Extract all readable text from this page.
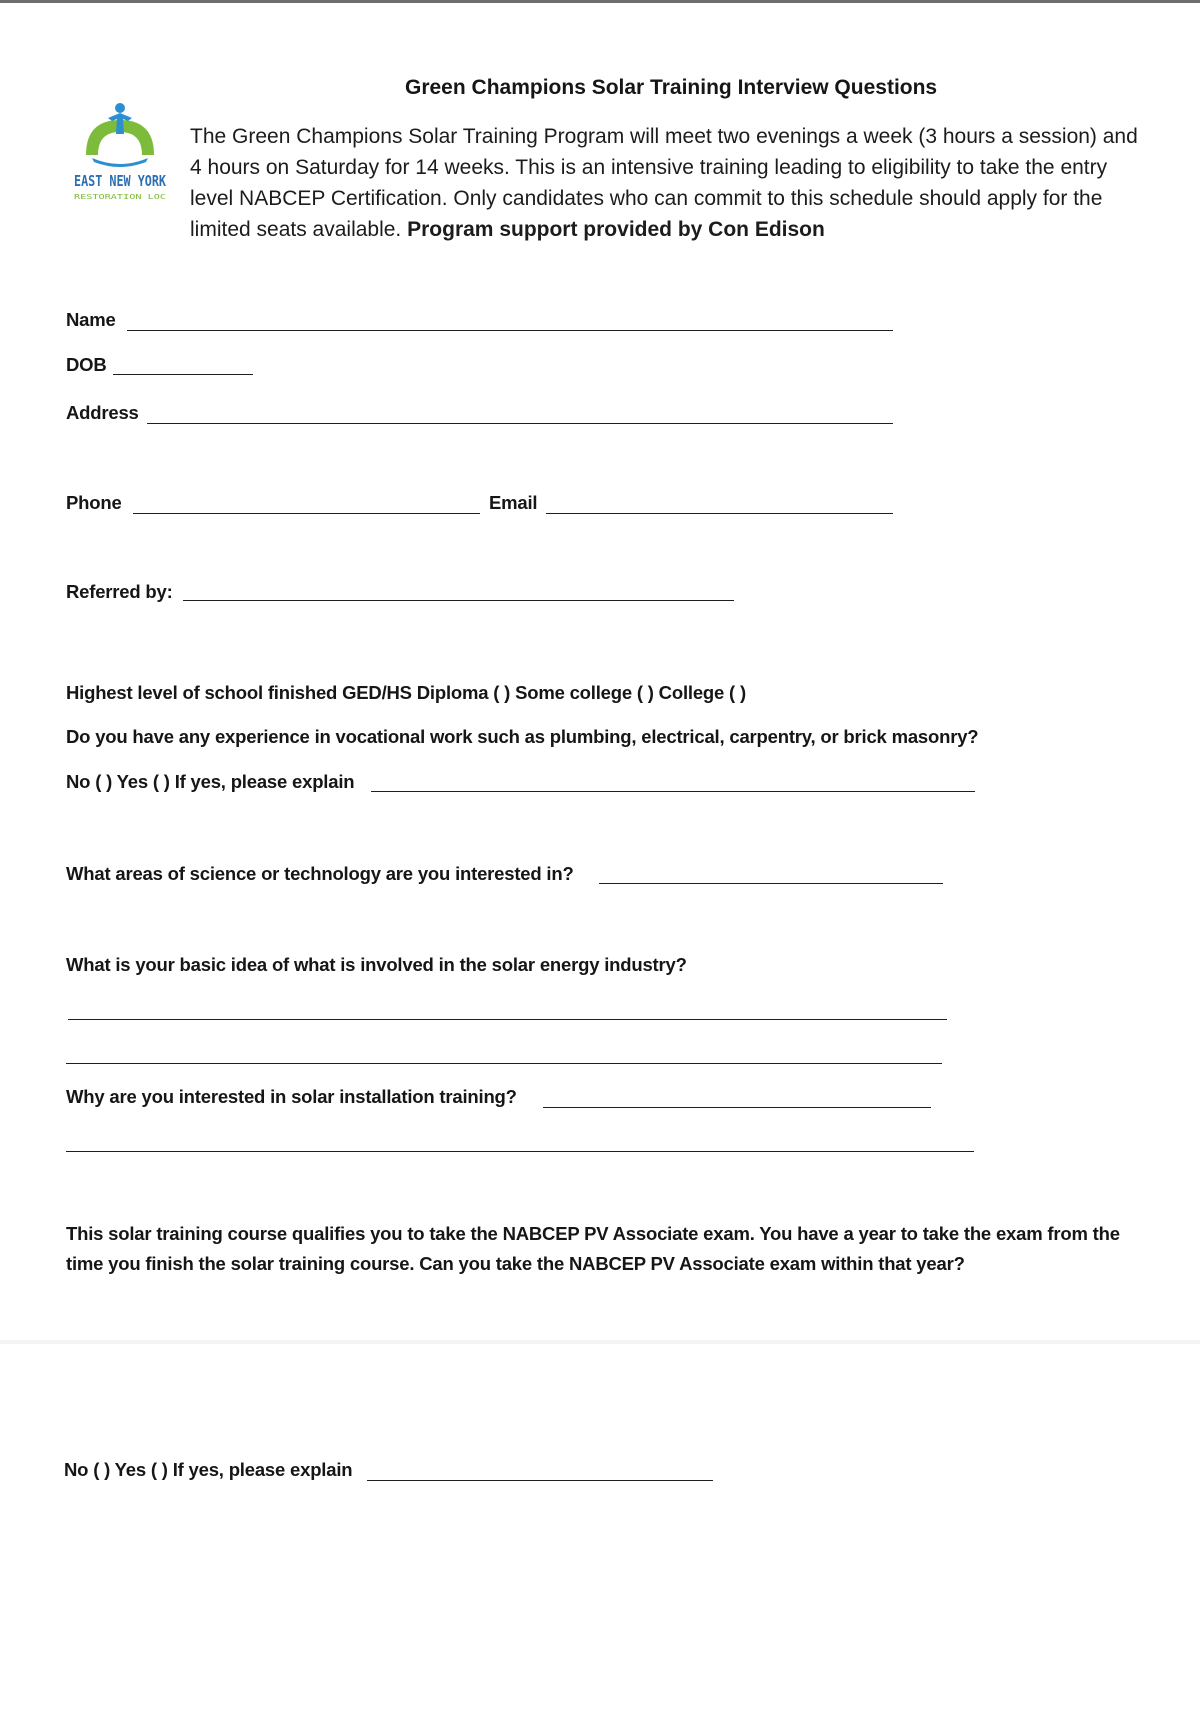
EAST NEW YORK
RESTORATION LOC
Green Champions Solar Training Interview Questions
The Green Champions Solar Training Program will meet two evenings a week (3 hours a session) and 4 hours on Saturday for 14 weeks. This is an intensive training leading to eligibility to take the entry level NABCEP Certification. Only candidates who can commit to this schedule should apply for the limited seats available. Program support provided by Con Edison
Name
DOB
Address
Phone	Email
Referred by:
Highest level of school finished GED/HS Diploma ( ) Some college ( ) College ( )
Do you have any experience in vocational work such as plumbing, electrical, carpentry, or brick masonry?
No ( ) Yes ( ) If yes, please explain
What areas of science or technology are you interested in?
What is your basic idea of what is involved in the solar energy industry?
Why are you interested in solar installation training?
This solar training course qualifies you to take the NABCEP PV Associate exam. You have a year to take the exam from the time you finish the solar training course. Can you take the NABCEP PV Associate exam within that year?
No ( ) Yes ( ) If yes, please explain
